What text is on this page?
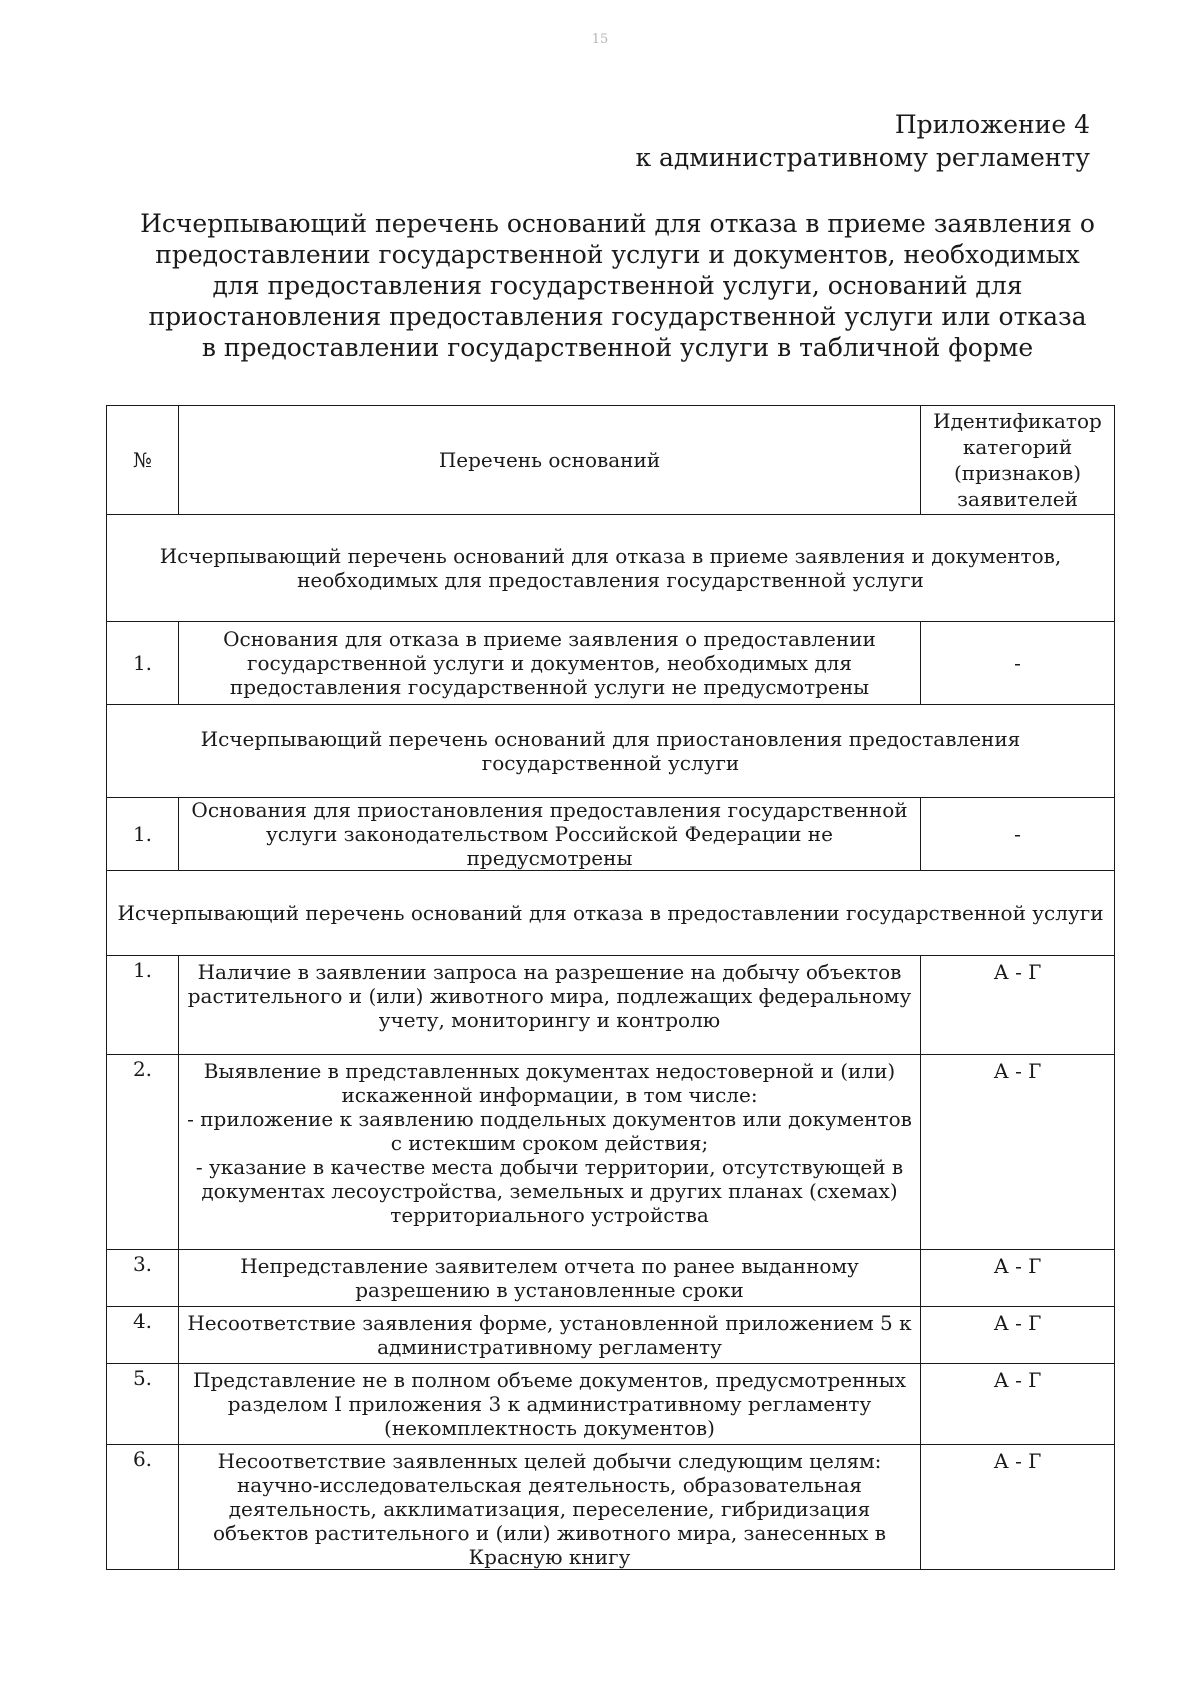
15
Приложение 4
к административному регламенту
Исчерпывающий перечень оснований для отказа в приеме заявления о предоставлении государственной услуги и документов, необходимых для предоставления государственной услуги, оснований для приостановления предоставления государственной услуги или отказа в предоставлении государственной услуги в табличной форме
№	Перечень оснований	Идентификатор категорий (признаков) заявителей
Исчерпывающий перечень оснований для отказа в приеме заявления и документов, необходимых для предоставления государственной услуги		
1.	Основания для отказа в приеме заявления о предоставлении государственной услуги и документов, необходимых для предоставления государственной услуги не предусмотрены	-
Исчерпывающий перечень оснований для приостановления предоставления государственной услуги		
1.	Основания для приостановления предоставления государственной услуги законодательством Российской Федерации не предусмотрены	-
Исчерпывающий перечень оснований для отказа в предоставлении государственной услуги		
1.	Наличие в заявлении запроса на разрешение на добычу объектов растительного и (или) животного мира, подлежащих федеральному учету, мониторингу и контролю	А - Г
2.	Выявление в представленных документах недостоверной и (или) искаженной информации, в том числе:
- приложение к заявлению поддельных документов или документов с истекшим сроком действия;
- указание в качестве места добычи территории, отсутствующей в документах лесоустройства, земельных и других планах (схемах) территориального устройства	А - Г
3.	Непредставление заявителем отчета по ранее выданному разрешению в установленные сроки	А - Г
4.	Несоответствие заявления форме, установленной приложением 5 к административному регламенту	А - Г
5.	Представление не в полном объеме документов, предусмотренных разделом I приложения 3 к административному регламенту (некомплектность документов)	А - Г
6.	Несоответствие заявленных целей добычи следующим целям: научно-исследовательская деятельность, образовательная деятельность, акклиматизация, переселение, гибридизация объектов растительного и (или) животного мира, занесенных в Красную книгу	А - Г
